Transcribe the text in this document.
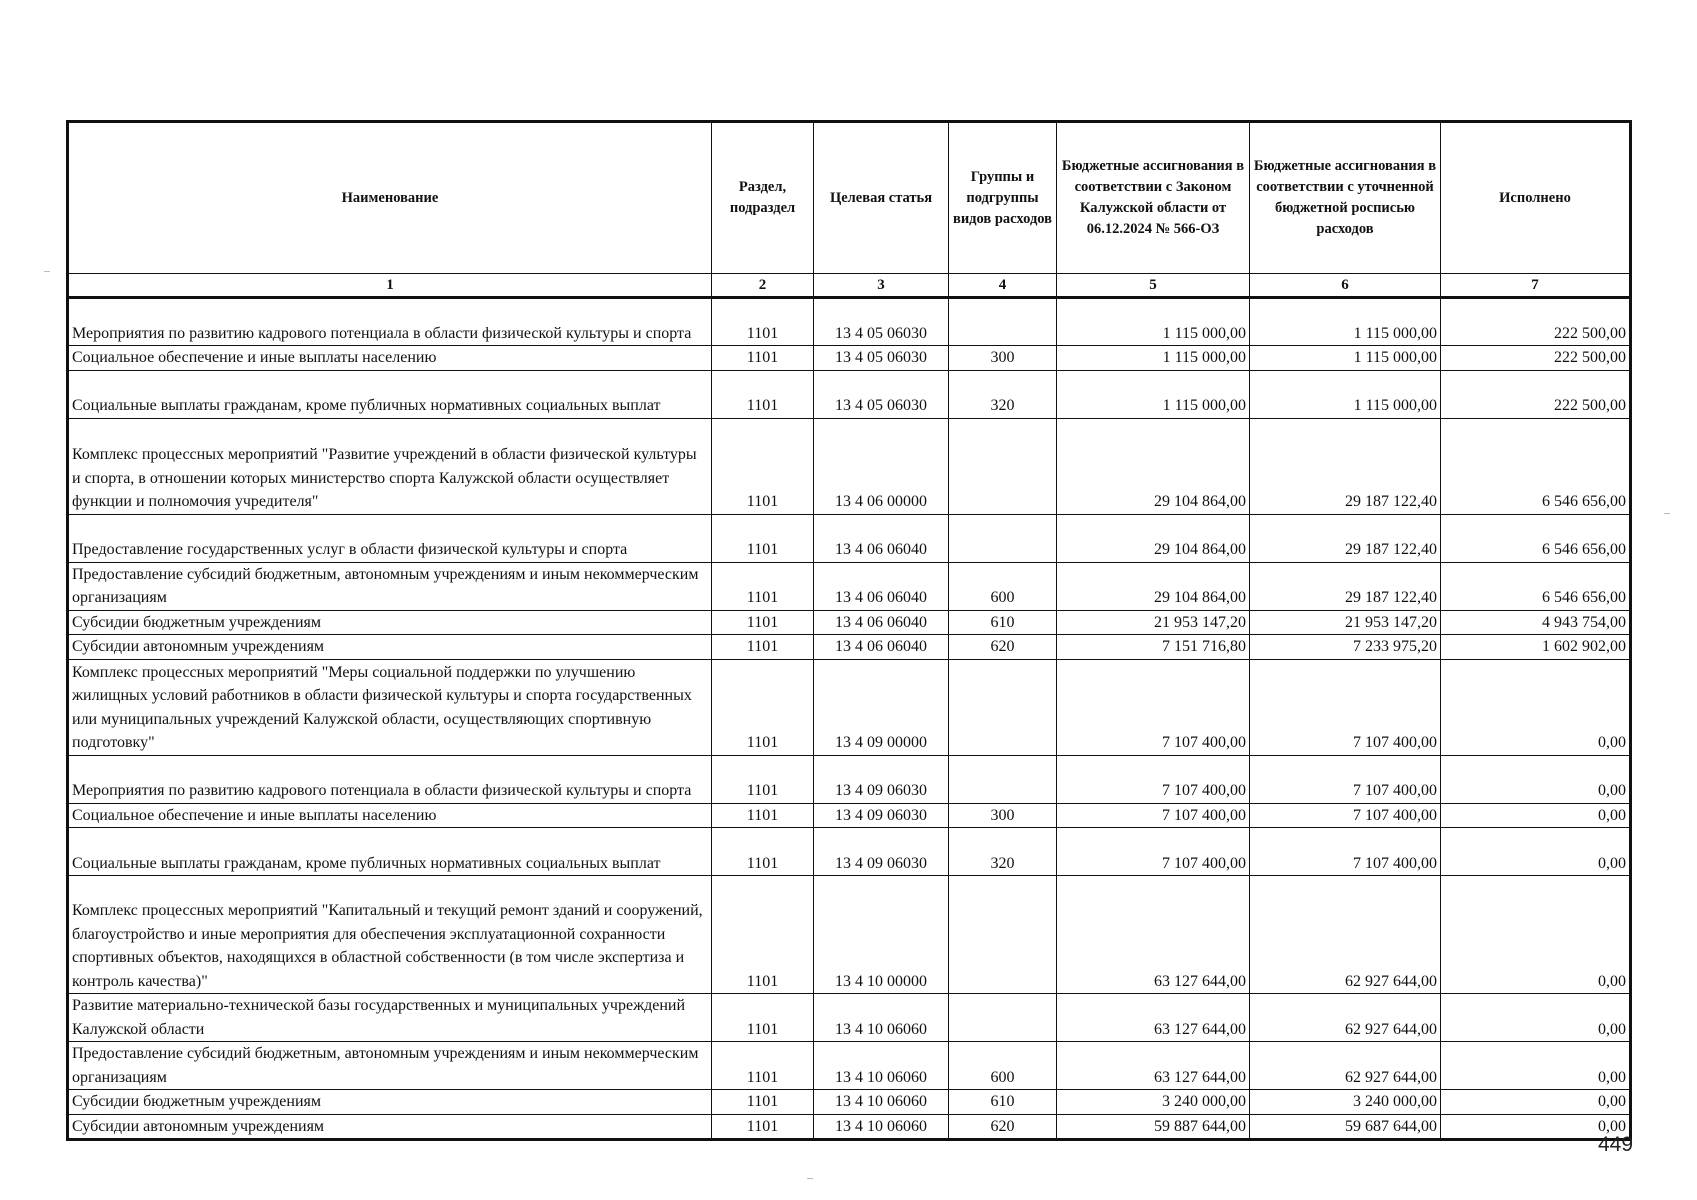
Наименование	Раздел, подраздел	Целевая статья	Группы и подгруппы видов расходов	Бюджетные ассигнования в соответствии с Законом Калужской области от 06.12.2024 № 566-ОЗ	Бюджетные ассигнования в соответствии с уточненной бюджетной росписью расходов	Исполнено
1	2	3	4	5	6	7
Мероприятия по развитию кадрового потенциала в области физической культуры и спорта	1101	13 4 05 06030		1 115 000,00	1 115 000,00	222 500,00
Социальное обеспечение и иные выплаты населению	1101	13 4 05 06030	300	1 115 000,00	1 115 000,00	222 500,00
Социальные выплаты гражданам, кроме публичных нормативных социальных выплат	1101	13 4 05 06030	320	1 115 000,00	1 115 000,00	222 500,00
Комплекс процессных мероприятий "Развитие учреждений в области физической культуры и спорта, в отношении которых министерство спорта Калужской области осуществляет функции и полномочия учредителя"	1101	13 4 06 00000		29 104 864,00	29 187 122,40	6 546 656,00
Предоставление государственных услуг в области физической культуры и спорта	1101	13 4 06 06040		29 104 864,00	29 187 122,40	6 546 656,00
Предоставление субсидий бюджетным, автономным учреждениям и иным некоммерческим организациям	1101	13 4 06 06040	600	29 104 864,00	29 187 122,40	6 546 656,00
Субсидии бюджетным учреждениям	1101	13 4 06 06040	610	21 953 147,20	21 953 147,20	4 943 754,00
Субсидии автономным учреждениям	1101	13 4 06 06040	620	7 151 716,80	7 233 975,20	1 602 902,00
Комплекс процессных мероприятий "Меры социальной поддержки по улучшению жилищных условий работников в области физической культуры и спорта государственных или муниципальных учреждений Калужской области, осуществляющих спортивную подготовку"	1101	13 4 09 00000		7 107 400,00	7 107 400,00	0,00
Мероприятия по развитию кадрового потенциала в области физической культуры и спорта	1101	13 4 09 06030		7 107 400,00	7 107 400,00	0,00
Социальное обеспечение и иные выплаты населению	1101	13 4 09 06030	300	7 107 400,00	7 107 400,00	0,00
Социальные выплаты гражданам, кроме публичных нормативных социальных выплат	1101	13 4 09 06030	320	7 107 400,00	7 107 400,00	0,00
Комплекс процессных мероприятий "Капитальный и текущий ремонт зданий и сооружений, благоустройство и иные мероприятия для обеспечения эксплуатационной сохранности спортивных объектов, находящихся в областной собственности (в том числе экспертиза и контроль качества)"	1101	13 4 10 00000		63 127 644,00	62 927 644,00	0,00
Развитие материально-технической базы государственных и муниципальных учреждений Калужской области	1101	13 4 10 06060		63 127 644,00	62 927 644,00	0,00
Предоставление субсидий бюджетным, автономным учреждениям и иным некоммерческим организациям	1101	13 4 10 06060	600	63 127 644,00	62 927 644,00	0,00
Субсидии бюджетным учреждениям	1101	13 4 10 06060	610	3 240 000,00	3 240 000,00	0,00
Субсидии автономным учреждениям	1101	13 4 10 06060	620	59 887 644,00	59 687 644,00	0,00
449
